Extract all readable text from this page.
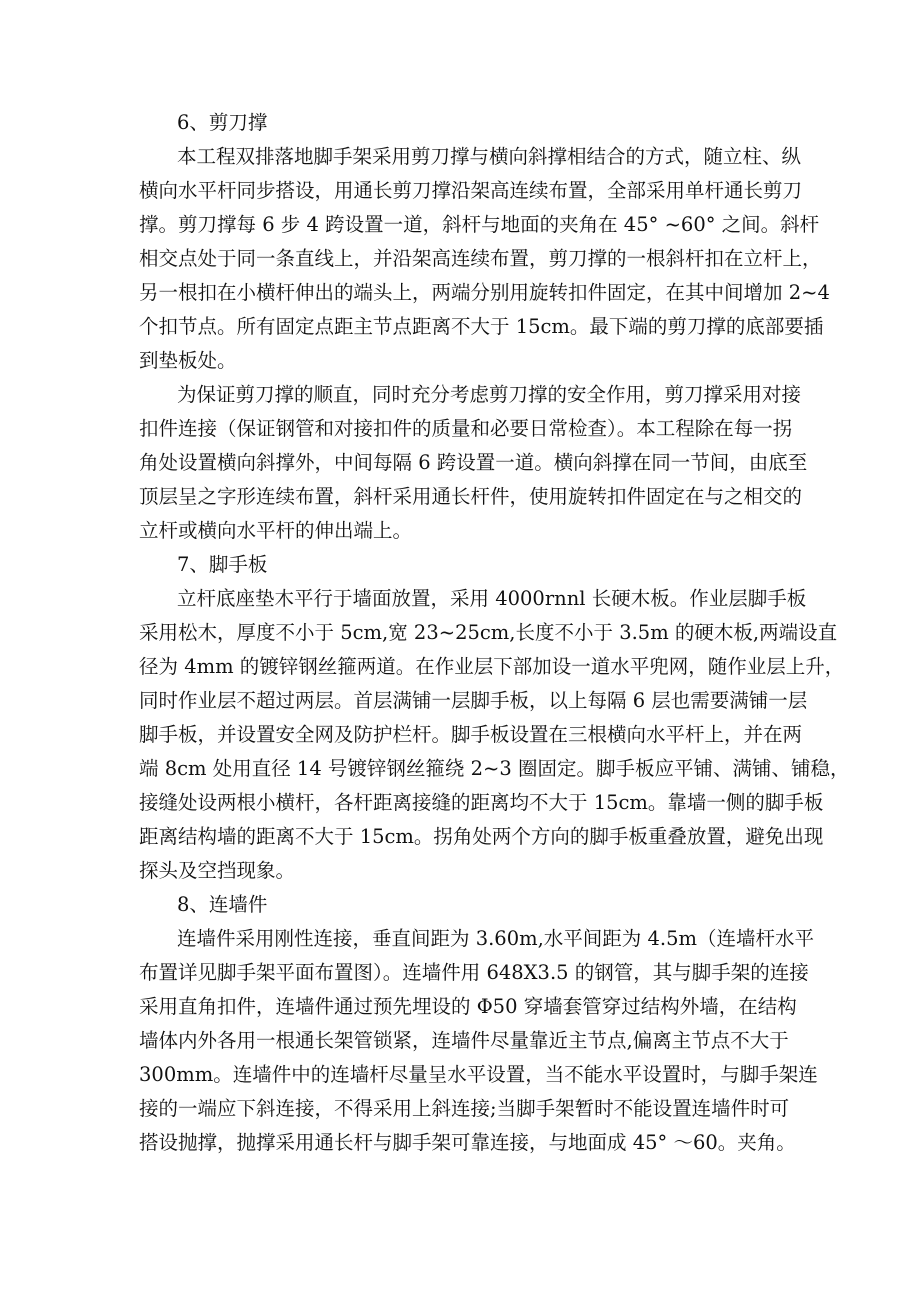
6、剪刀撑
本工程双排落地脚手架采用剪刀撑与横向斜撑相结合的方式，随立柱、纵
横向水平杆同步搭设，用通长剪刀撑沿架高连续布置，全部采用单杆通长剪刀
撑。剪刀撑每 6 步 4 跨设置一道，斜杆与地面的夹角在 45° ~60° 之间。斜杆
相交点处于同一条直线上，并沿架高连续布置，剪刀撑的一根斜杆扣在立杆上，
另一根扣在小横杆伸出的端头上，两端分别用旋转扣件固定，在其中间增加 2~4
个扣节点。所有固定点距主节点距离不大于 15cm。最下端的剪刀撑的底部要插
到垫板处。
为保证剪刀撑的顺直，同时充分考虑剪刀撑的安全作用，剪刀撑采用对接
扣件连接（保证钢管和对接扣件的质量和必要日常检查）。本工程除在每一拐
角处设置横向斜撑外，中间每隔 6 跨设置一道。横向斜撑在同一节间，由底至
顶层呈之字形连续布置，斜杆采用通长杆件，使用旋转扣件固定在与之相交的
立杆或横向水平杆的伸出端上。
7、脚手板
立杆底座垫木平行于墙面放置，采用 4000rnnl 长硬木板。作业层脚手板
采用松木，厚度不小于 5cm,宽 23~25cm,长度不小于 3.5m 的硬木板,两端设直
径为 4mm 的镀锌钢丝箍两道。在作业层下部加设一道水平兜网，随作业层上升，
同时作业层不超过两层。首层满铺一层脚手板，以上每隔 6 层也需要满铺一层
脚手板，并设置安全网及防护栏杆。脚手板设置在三根横向水平杆上，并在两
端 8cm 处用直径 14 号镀锌钢丝箍绕 2~3 圈固定。脚手板应平铺、满铺、铺稳，
接缝处设两根小横杆，各杆距离接缝的距离均不大于 15cm。靠墙一侧的脚手板
距离结构墙的距离不大于 15cm。拐角处两个方向的脚手板重叠放置，避免出现
探头及空挡现象。
8、连墙件
连墙件采用刚性连接，垂直间距为 3.60m,水平间距为 4.5m（连墙杆水平
布置详见脚手架平面布置图）。连墙件用 648X3.5 的钢管，其与脚手架的连接
采用直角扣件，连墙件通过预先埋设的 Φ50 穿墙套管穿过结构外墙，在结构
墙体内外各用一根通长架管锁紧，连墙件尽量靠近主节点,偏离主节点不大于
300mm。连墙件中的连墙杆尽量呈水平设置，当不能水平设置时，与脚手架连
接的一端应下斜连接，不得采用上斜连接;当脚手架暂时不能设置连墙件时可
搭设抛撑，抛撑采用通长杆与脚手架可靠连接，与地面成 45° ～60。夹角。
